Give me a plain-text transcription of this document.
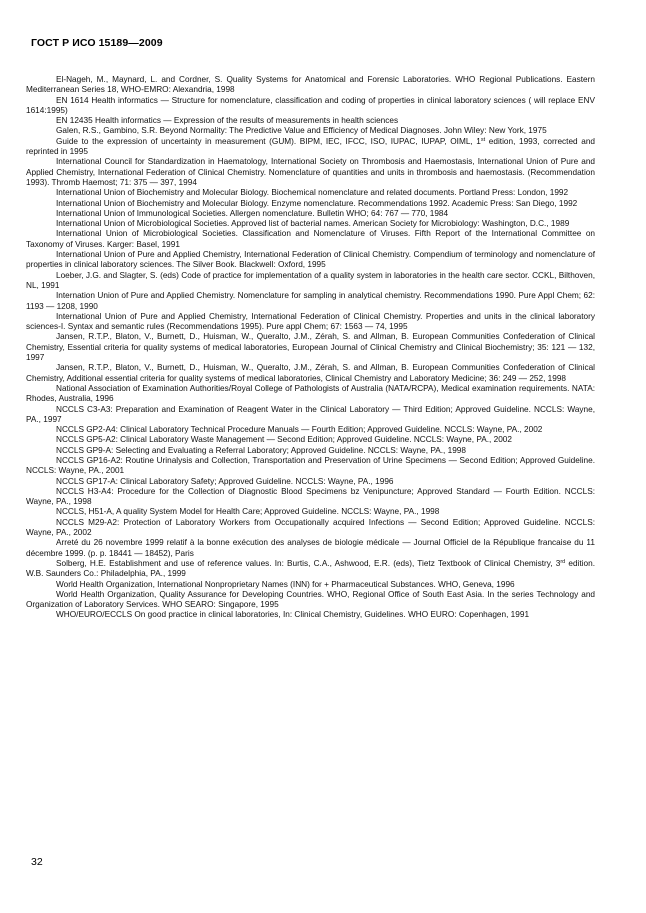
ГОСТ Р ИСО 15189—2009
El-Nageh, M., Maynard, L. and Cordner, S. Quality Systems for Anatomical and Forensic Laboratories. WHO Regional Publications. Eastern Mediterranean Series 18, WHO-EMRO: Alexandria, 1998
EN 1614 Health informatics — Structure for nomenclature, classification and coding of properties in clinical laboratory sciences ( will replace ENV 1614:1995)
EN 12435 Health informatics — Expression of the results of measurements in health sciences
Galen, R.S., Gambino, S.R. Beyond Normality: The Predictive Value and Efficiency of Medical Diagnoses. John Wiley: New York, 1975
Guide to the expression of uncertainty in measurement (GUM). BIPM, IEC, IFCC, ISO, IUPAC, IUPAP, OIML, 1st edition, 1993, corrected and reprinted in 1995
International Council for Standardization in Haematology, International Society on Thrombosis and Haemostasis, International Union of Pure and Applied Chemistry, International Federation of Clinical Chemistry. Nomenclature of quantities and units in thrombosis and haemostasis. (Recommendation 1993). Thromb Haemost; 71: 375 — 397, 1994
International Union of Biochemistry and Molecular Biology. Biochemical nomenclature and related documents. Portland Press: London, 1992
International Union of Biochemistry and Molecular Biology. Enzyme nomenclature. Recommendations 1992. Academic Press: San Diego, 1992
International Union of Immunological Societies. Allergen nomenclature. Bulletin WHO; 64: 767 — 770, 1984
International Union of Microbiological Societies. Approved list of bacterial names. American Society for Microbiology: Washington, D.C., 1989
International Union of Microbiological Societies. Classification and Nomenclature of Viruses. Fifth Report of the International Committee on Taxonomy of Viruses. Karger: Basel, 1991
International Union of Pure and Applied Chemistry, International Federation of Clinical Chemistry. Compendium of terminology and nomenclature of properties in clinical laboratory sciences. The Silver Book. Blackwell: Oxford, 1995
Loeber, J.G. and Slagter, S. (eds) Code of practice for implementation of a quality system in laboratories in the health care sector. CCKL, Bilthoven, NL, 1991
Internation Union of Pure and Applied Chemistry. Nomenclature for sampling in analytical chemistry. Recommendations 1990. Pure Appl Chem; 62: 1193 — 1208, 1990
International Union of Pure and Applied Chemistry, International Federation of Clinical Chemistry. Properties and units in the clinical laboratory sciences-I. Syntax and semantic rules (Recommendations 1995). Pure appl Chem; 67: 1563 — 74, 1995
Jansen, R.T.P., Blaton, V., Burnett, D., Huisman, W., Queralto, J.M., Zérah, S. and Allman, B. European Communities Confederation of Clinical Chemistry, Essential criteria for quality systems of medical laboratories, European Journal of Clinical Chemistry and Clinical Biochemistry; 35: 121 — 132, 1997
Jansen, R.T.P., Blaton, V., Burnett, D., Huisman, W., Queralto, J.M., Zérah, S. and Allman, B. European Communities Confederation of Clinical Chemistry, Additional essential criteria for quality systems of medical laboratories, Clinical Chemistry and Laboratory Medicine; 36: 249 — 252, 1998
National Association of Examination Authorities/Royal College of Pathologists of Australia (NATA/RCPA), Medical examination requirements. NATA: Rhodes, Australia, 1996
NCCLS C3-A3: Preparation and Examination of Reagent Water in the Clinical Laboratory — Third Edition; Approved Guideline. NCCLS: Wayne, PA., 1997
NCCLS GP2-A4: Clinical Laboratory Technical Procedure Manuals — Fourth Edition; Approved Guideline. NCCLS: Wayne, PA., 2002
NCCLS GP5-A2: Clinical Laboratory Waste Management — Second Edition; Approved Guideline. NCCLS: Wayne, PA., 2002
NCCLS GP9-A: Selecting and Evaluating a Referral Laboratory; Approved Guideline. NCCLS: Wayne, PA., 1998
NCCLS GP16-A2: Routine Urinalysis and Collection, Transportation and Preservation of Urine Specimens — Second Edition; Approved Guideline. NCCLS: Wayne, PA., 2001
NCCLS GP17-A: Clinical Laboratory Safety; Approved Guideline. NCCLS: Wayne, PA., 1996
NCCLS H3-A4: Procedure for the Collection of Diagnostic Blood Specimens bz Venipuncture; Approved Standard — Fourth Edition. NCCLS: Wayne, PA., 1998
NCCLS, H51-A, A quality System Model for Health Care; Approved Guideline. NCCLS: Wayne, PA., 1998
NCCLS M29-A2: Protection of Laboratory Workers from Occupationally acquired Infections — Second Edition; Approved Guideline. NCCLS: Wayne, PA., 2002
Arrеté du 26 novembre 1999 relatif à la bonne exécution des analyses de biologie médicale — Journal Officiel de la République francaise du 11 décembre 1999. (p. p. 18441 — 18452), Paris
Solberg, H.E. Establishment and use of reference values. In: Burtis, C.A., Ashwood, E.R. (eds), Tietz Textbook of Clinical Chemistry, 3rd edition. W.B. Saunders Co.: Philadelphia, PA., 1999
World Health Organization, International Nonproprietary Names (INN) for + Pharmaceutical Substances. WHO, Geneva, 1996
World Health Organization, Quality Assurance for Developing Countries. WHO, Regional Office of South East Asia. In the series Technology and Organization of Laboratory Services. WHO SEARO: Singapore, 1995
WHO/EURO/ECCLS On good practice in clinical laboratories, In: Clinical Chemistry, Guidelines. WHO EURO: Copenhagen, 1991
32
